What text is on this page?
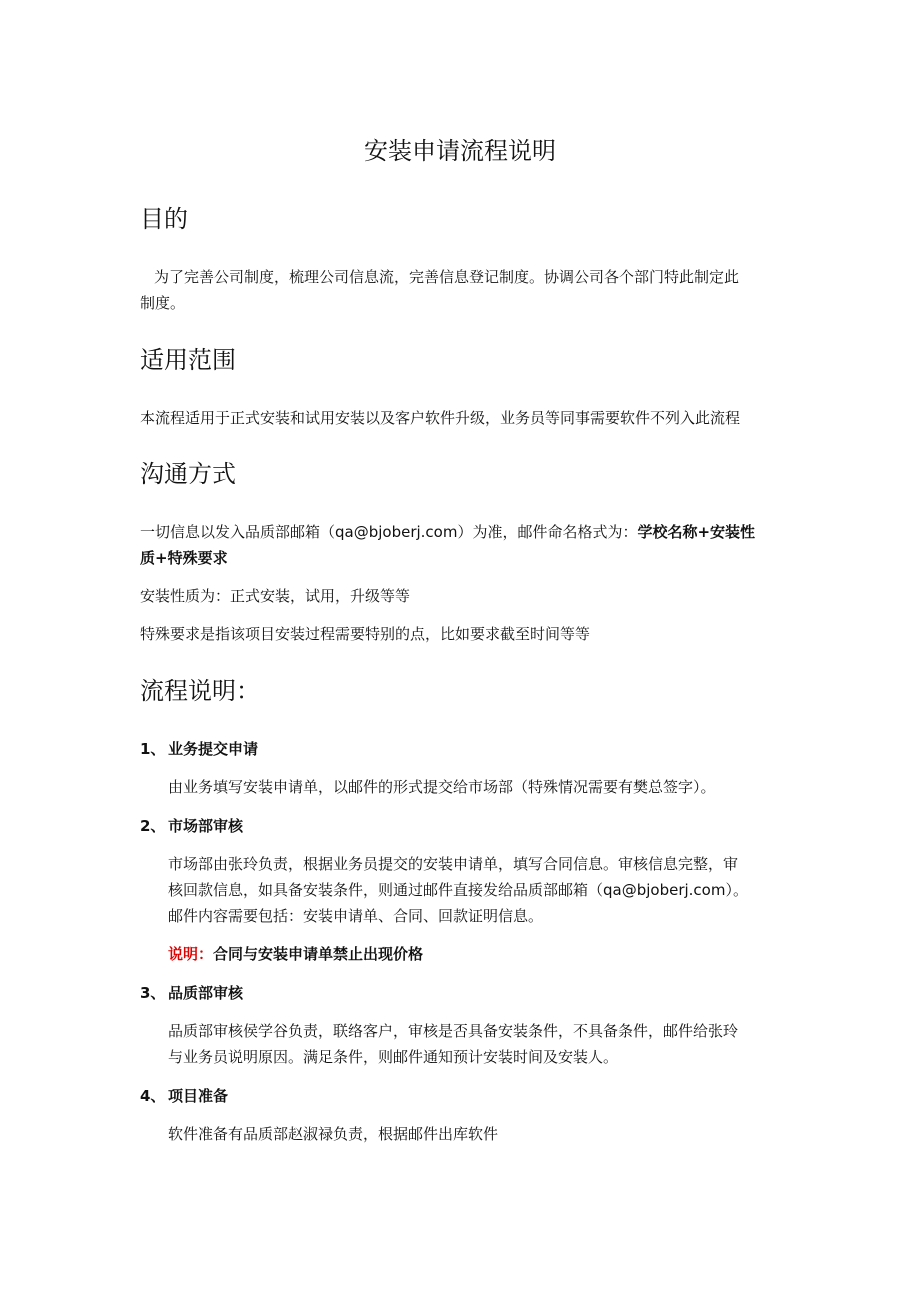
安装申请流程说明
目的
为了完善公司制度，梳理公司信息流，完善信息登记制度。协调公司各个部门特此制定此
制度。
适用范围
本流程适用于正式安装和试用安装以及客户软件升级，业务员等同事需要软件不列入此流程
沟通方式
一切信息以发入品质部邮箱（qa@bjoberj.com）为准，邮件命名格式为：学校名称+安装性
质+特殊要求
安装性质为：正式安装，试用，升级等等
特殊要求是指该项目安装过程需要特别的点，比如要求截至时间等等
流程说明：
1、 业务提交申请
由业务填写安装申请单，以邮件的形式提交给市场部（特殊情况需要有樊总签字）。
2、 市场部审核
市场部由张玲负责，根据业务员提交的安装申请单，填写合同信息。审核信息完整，审
核回款信息，如具备安装条件，则通过邮件直接发给品质部邮箱（qa@bjoberj.com）。
邮件内容需要包括：安装申请单、合同、回款证明信息。
说明：合同与安装申请单禁止出现价格
3、 品质部审核
品质部审核侯学谷负责，联络客户，审核是否具备安装条件，不具备条件，邮件给张玲
与业务员说明原因。满足条件，则邮件通知预计安装时间及安装人。
4、 项目准备
软件准备有品质部赵淑禄负责，根据邮件出库软件
